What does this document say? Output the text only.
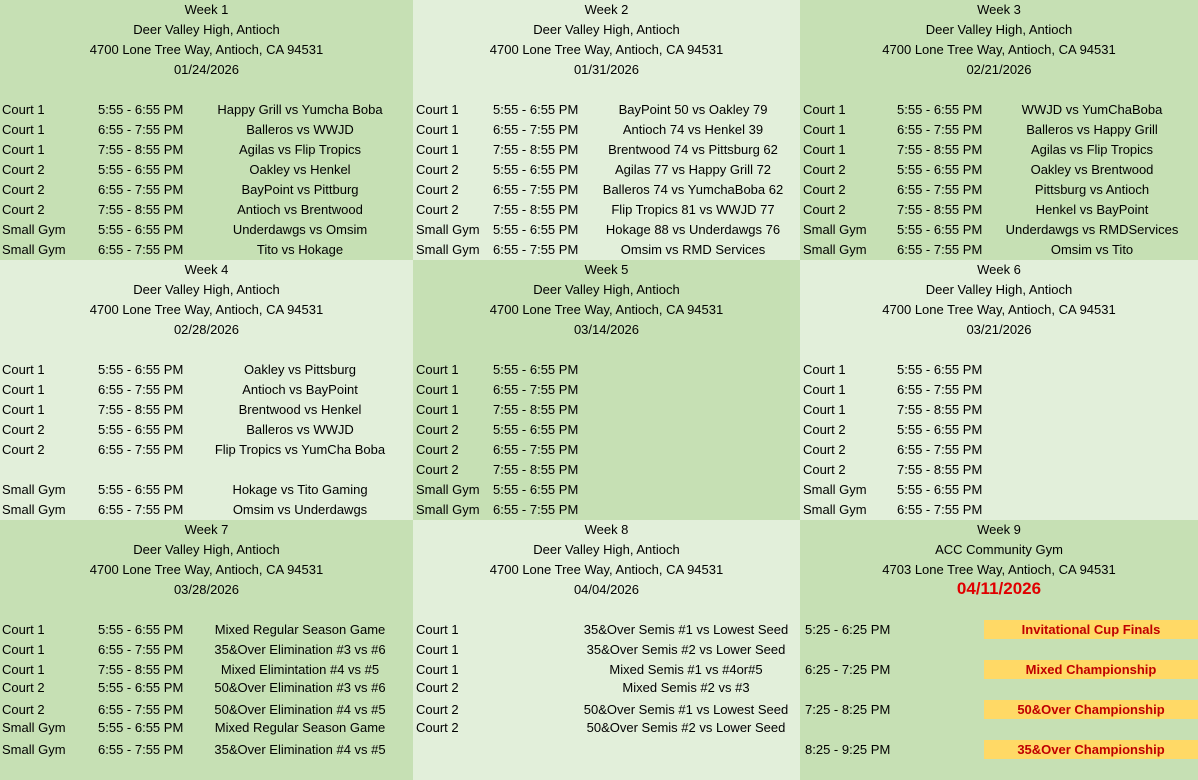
Week 1
Deer Valley High, Antioch
4700 Lone Tree Way, Antioch, CA 94531
01/24/2026
Court 1	5:55 - 6:55 PM	Happy Grill vs Yumcha Boba
Court 1	6:55 - 7:55 PM	Balleros vs WWJD
Court 1	7:55 - 8:55 PM	Agilas vs Flip Tropics
Court 2	5:55 - 6:55 PM	Oakley vs Henkel
Court 2	6:55 - 7:55 PM	BayPoint vs Pittburg
Court 2	7:55 - 8:55 PM	Antioch vs Brentwood
Small Gym 5:55 - 6:55 PM	Underdawgs vs Omsim
Small Gym 6:55 - 7:55 PM	Tito vs Hokage
Week 2
Deer Valley High, Antioch
4700 Lone Tree Way, Antioch, CA 94531
01/31/2026
Court 1	5:55 - 6:55 PM	BayPoint 50 vs Oakley 79
Court 1	6:55 - 7:55 PM	Antioch 74 vs Henkel 39
Court 1	7:55 - 8:55 PM	Brentwood 74 vs Pittsburg 62
Court 2	5:55 - 6:55 PM	Agilas 77 vs Happy Grill 72
Court 2	6:55 - 7:55 PM	Balleros 74 vs YumchaBoba 62
Court 2	7:55 - 8:55 PM	Flip Tropics 81 vs WWJD 77
Small Gym 5:55 - 6:55 PM	Hokage 88 vs Underdawgs 76
Small Gym 6:55 - 7:55 PM	Omsim vs RMD Services
Week 3
Deer Valley High, Antioch
4700 Lone Tree Way, Antioch, CA 94531
02/21/2026
Court 1	5:55 - 6:55 PM	WWJD vs YumChaBoba
Court 1	6:55 - 7:55 PM	Balleros vs Happy Grill
Court 1	7:55 - 8:55 PM	Agilas vs Flip Tropics
Court 2	5:55 - 6:55 PM	Oakley vs Brentwood
Court 2	6:55 - 7:55 PM	Pittsburg vs Antioch
Court 2	7:55 - 8:55 PM	Henkel vs BayPoint
Small Gym 5:55 - 6:55 PM	Underdawgs vs RMDServices
Small Gym 6:55 - 7:55 PM	Omsim vs Tito
Week 4
Deer Valley High, Antioch
4700 Lone Tree Way, Antioch, CA 94531
02/28/2026
Court 1	5:55 - 6:55 PM	Oakley vs Pittsburg
Court 1	6:55 - 7:55 PM	Antioch vs BayPoint
Court 1	7:55 - 8:55 PM	Brentwood vs Henkel
Court 2	5:55 - 6:55 PM	Balleros vs WWJD
Court 2	6:55 - 7:55 PM	Flip Tropics vs YumCha Boba
Small Gym 5:55 - 6:55 PM	Hokage vs Tito Gaming
Small Gym 6:55 - 7:55 PM	Omsim vs Underdawgs
Week 5
Deer Valley High, Antioch
4700 Lone Tree Way, Antioch, CA 94531
03/14/2026
Court 1	5:55 - 6:55 PM
Court 1	6:55 - 7:55 PM
Court 1	7:55 - 8:55 PM
Court 2	5:55 - 6:55 PM
Court 2	6:55 - 7:55 PM
Court 2	7:55 - 8:55 PM
Small Gym 5:55 - 6:55 PM
Small Gym 6:55 - 7:55 PM
Week 6
Deer Valley High, Antioch
4700 Lone Tree Way, Antioch, CA 94531
03/21/2026
Court 1	5:55 - 6:55 PM
Court 1	6:55 - 7:55 PM
Court 1	7:55 - 8:55 PM
Court 2	5:55 - 6:55 PM
Court 2	6:55 - 7:55 PM
Court 2	7:55 - 8:55 PM
Small Gym 5:55 - 6:55 PM
Small Gym 6:55 - 7:55 PM
Week 7
Deer Valley High, Antioch
4700 Lone Tree Way, Antioch, CA 94531
03/28/2026
Court 1	5:55 - 6:55 PM	Mixed Regular Season Game
Court 1	6:55 - 7:55 PM	35&Over Elimination #3 vs #6
Court 1	7:55 - 8:55 PM	Mixed Elimintation #4 vs #5
Court 2	5:55 - 6:55 PM	50&Over Elimination #3 vs #6
Court 2	6:55 - 7:55 PM	50&Over Elimination #4 vs #5
Small Gym 5:55 - 6:55 PM	Mixed Regular Season Game
Small Gym 6:55 - 7:55 PM	35&Over Elimination #4 vs #5
Week 8
Deer Valley High, Antioch
4700 Lone Tree Way, Antioch, CA 94531
04/04/2026
Court 1	35&Over Semis #1 vs Lowest Seed
Court 1	35&Over Semis #2 vs Lower Seed
Court 1	Mixed Semis #1 vs #4or#5
Court 2	Mixed Semis #2 vs #3
Court 2	50&Over Semis #1 vs Lowest Seed
Court 2	50&Over Semis #2 vs Lower Seed
Week 9
ACC Community Gym
4703 Lone Tree Way, Antioch, CA 94531
04/11/2026
5:25 - 6:25 PM	Invitational Cup Finals
6:25 - 7:25 PM	Mixed Championship
7:25 - 8:25 PM	50&Over Championship
8:25 - 9:25 PM	35&Over Championship
